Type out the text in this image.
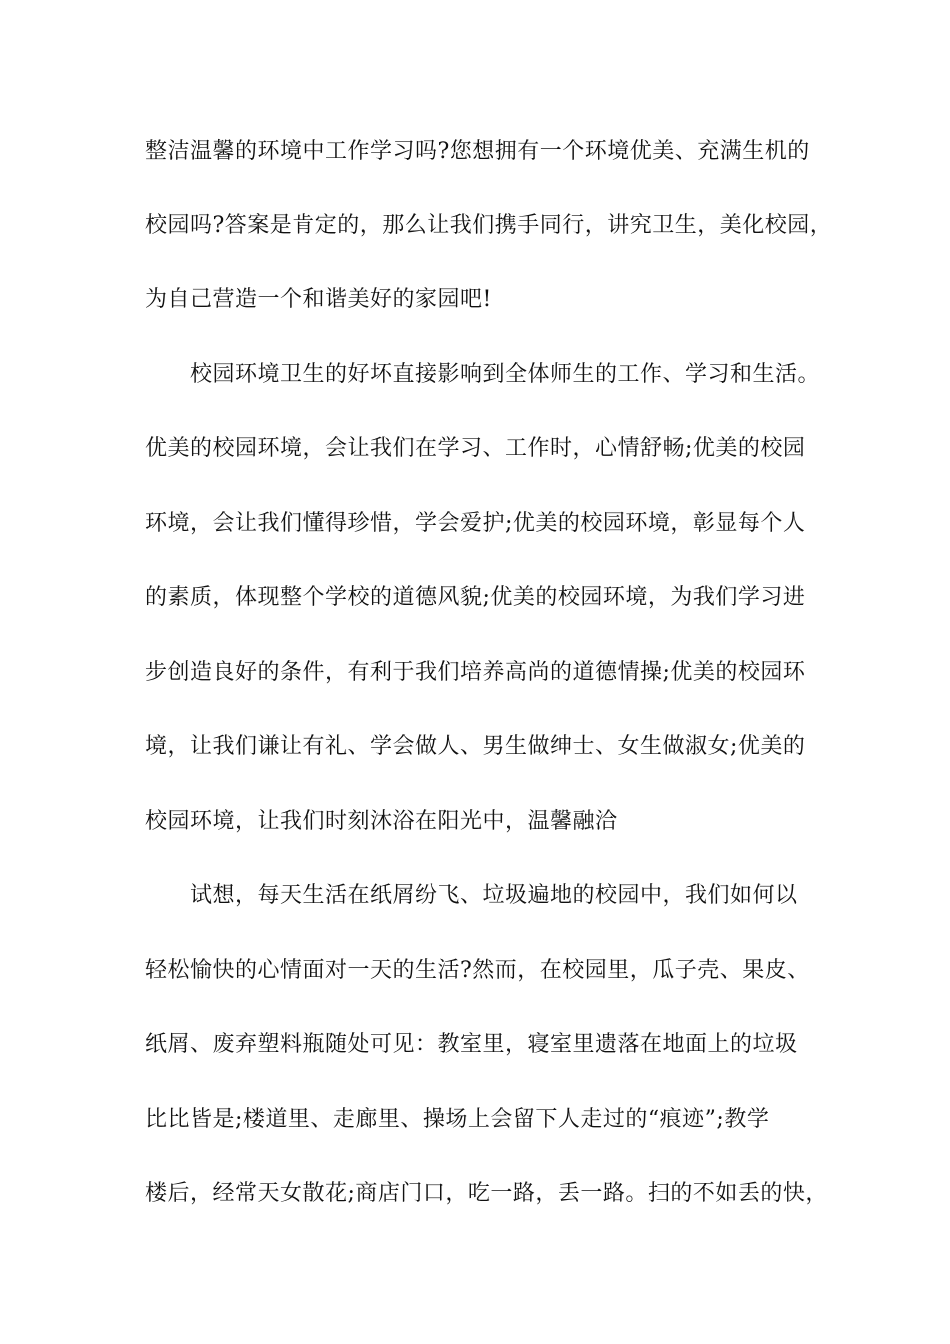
整洁温馨的环境中工作学习吗?您想拥有一个环境优美、充满生机的

校园吗?答案是肯定的，那么让我们携手同行，讲究卫生，美化校园，

为自己营造一个和谐美好的家园吧!

校园环境卫生的好坏直接影响到全体师生的工作、学习和生活。

优美的校园环境，会让我们在学习、工作时，心情舒畅;优美的校园

环境，会让我们懂得珍惜，学会爱护;优美的校园环境，彰显每个人

的素质，体现整个学校的道德风貌;优美的校园环境，为我们学习进

步创造良好的条件，有利于我们培养高尚的道德情操;优美的校园环

境，让我们谦让有礼、学会做人、男生做绅士、女生做淑女;优美的

校园环境，让我们时刻沐浴在阳光中，温馨融洽

试想，每天生活在纸屑纷飞、垃圾遍地的校园中，我们如何以

轻松愉快的心情面对一天的生活?然而，在校园里，瓜子壳、果皮、

纸屑、废弃塑料瓶随处可见：教室里，寝室里遗落在地面上的垃圾

比比皆是;楼道里、走廊里、操场上会留下人走过的“痕迹”;教学

楼后，经常天女散花;商店门口，吃一路，丢一路。扫的不如丢的快，
